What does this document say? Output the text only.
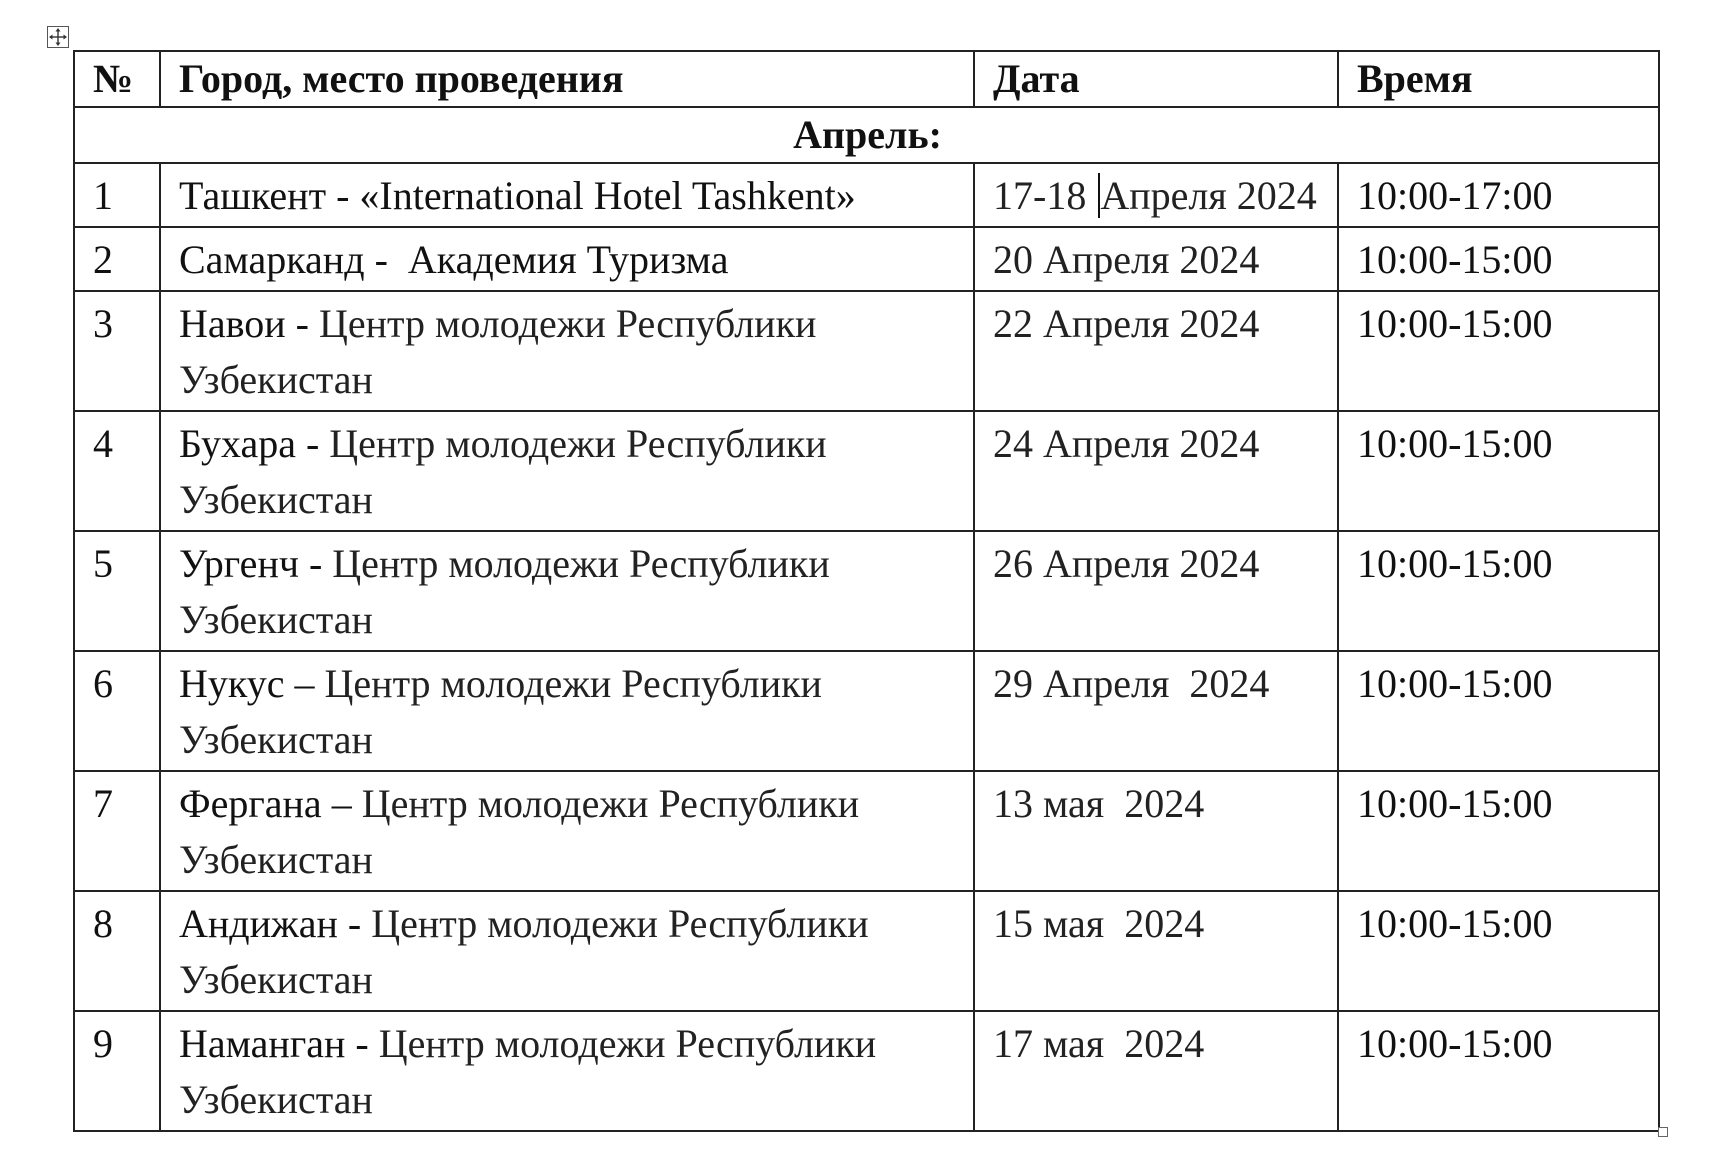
№	Город, место проведения	Дата	Время
Апрель:			
1	Ташкент - «International Hotel Tashkent»	17-18 Апреля 2024	10:00-17:00
2	Самарканд - Академия Туризма	20 Апреля 2024	10:00-15:00
3	Навои - Центр молодежи Республики Узбекистан	22 Апреля 2024	10:00-15:00
4	Бухара - Центр молодежи Республики Узбекистан	24 Апреля 2024	10:00-15:00
5	Ургенч - Центр молодежи Республики Узбекистан	26 Апреля 2024	10:00-15:00
6	Нукус – Центр молодежи Республики Узбекистан	29 Апреля  2024	10:00-15:00
7	Фергана – Центр молодежи Республики Узбекистан	13 мая  2024	10:00-15:00
8	Андижан - Центр молодежи Республики Узбекистан	15 мая  2024	10:00-15:00
9	Наманган - Центр молодежи Республики Узбекистан	17 мая  2024	10:00-15:00
